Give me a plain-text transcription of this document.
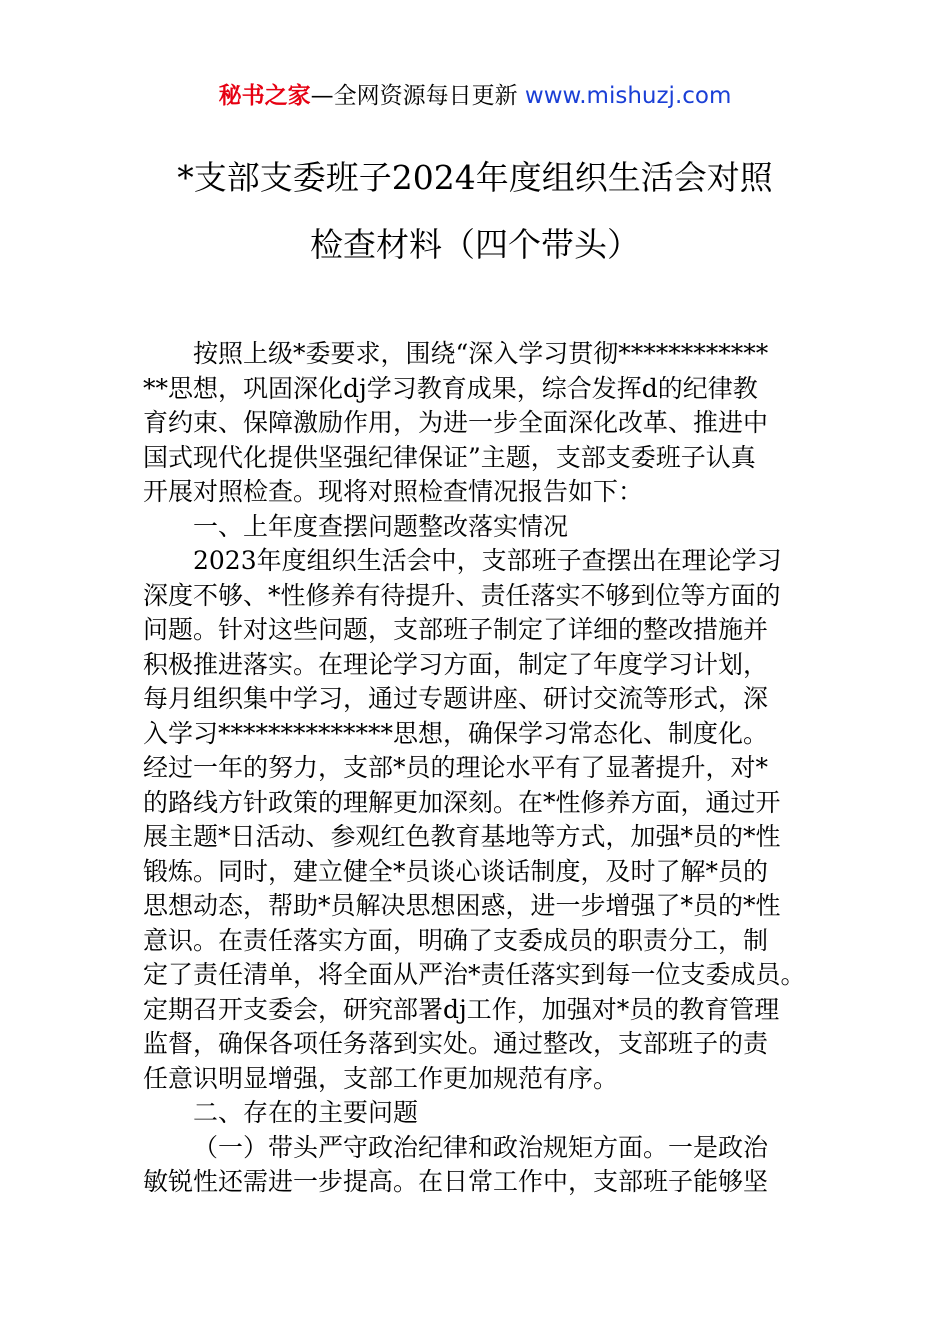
秘书之家—全网资源每日更新 www.mishuzj.com
*支部支委班子2024年度组织生活会对照
检查材料（四个带头）
按照上级*委要求，围绕“深入学习贯彻************
**思想，巩固深化dj学习教育成果，综合发挥d的纪律教
育约束、保障激励作用，为进一步全面深化改革、推进中
国式现代化提供坚强纪律保证”主题，支部支委班子认真
开展对照检查。现将对照检查情况报告如下：
一、上年度查摆问题整改落实情况
2023年度组织生活会中，支部班子查摆出在理论学习
深度不够、*性修养有待提升、责任落实不够到位等方面的
问题。针对这些问题，支部班子制定了详细的整改措施并
积极推进落实。在理论学习方面，制定了年度学习计划，
每月组织集中学习，通过专题讲座、研讨交流等形式，深
入学习**************思想，确保学习常态化、制度化。
经过一年的努力，支部*员的理论水平有了显著提升，对*
的路线方针政策的理解更加深刻。在*性修养方面，通过开
展主题*日活动、参观红色教育基地等方式，加强*员的*性
锻炼。同时，建立健全*员谈心谈话制度，及时了解*员的
思想动态，帮助*员解决思想困惑，进一步增强了*员的*性
意识。在责任落实方面，明确了支委成员的职责分工，制
定了责任清单，将全面从严治*责任落实到每一位支委成员。
定期召开支委会，研究部署dj工作，加强对*员的教育管理
监督，确保各项任务落到实处。通过整改，支部班子的责
任意识明显增强，支部工作更加规范有序。
二、存在的主要问题
（一）带头严守政治纪律和政治规矩方面。一是政治
敏锐性还需进一步提高。在日常工作中，支部班子能够坚
